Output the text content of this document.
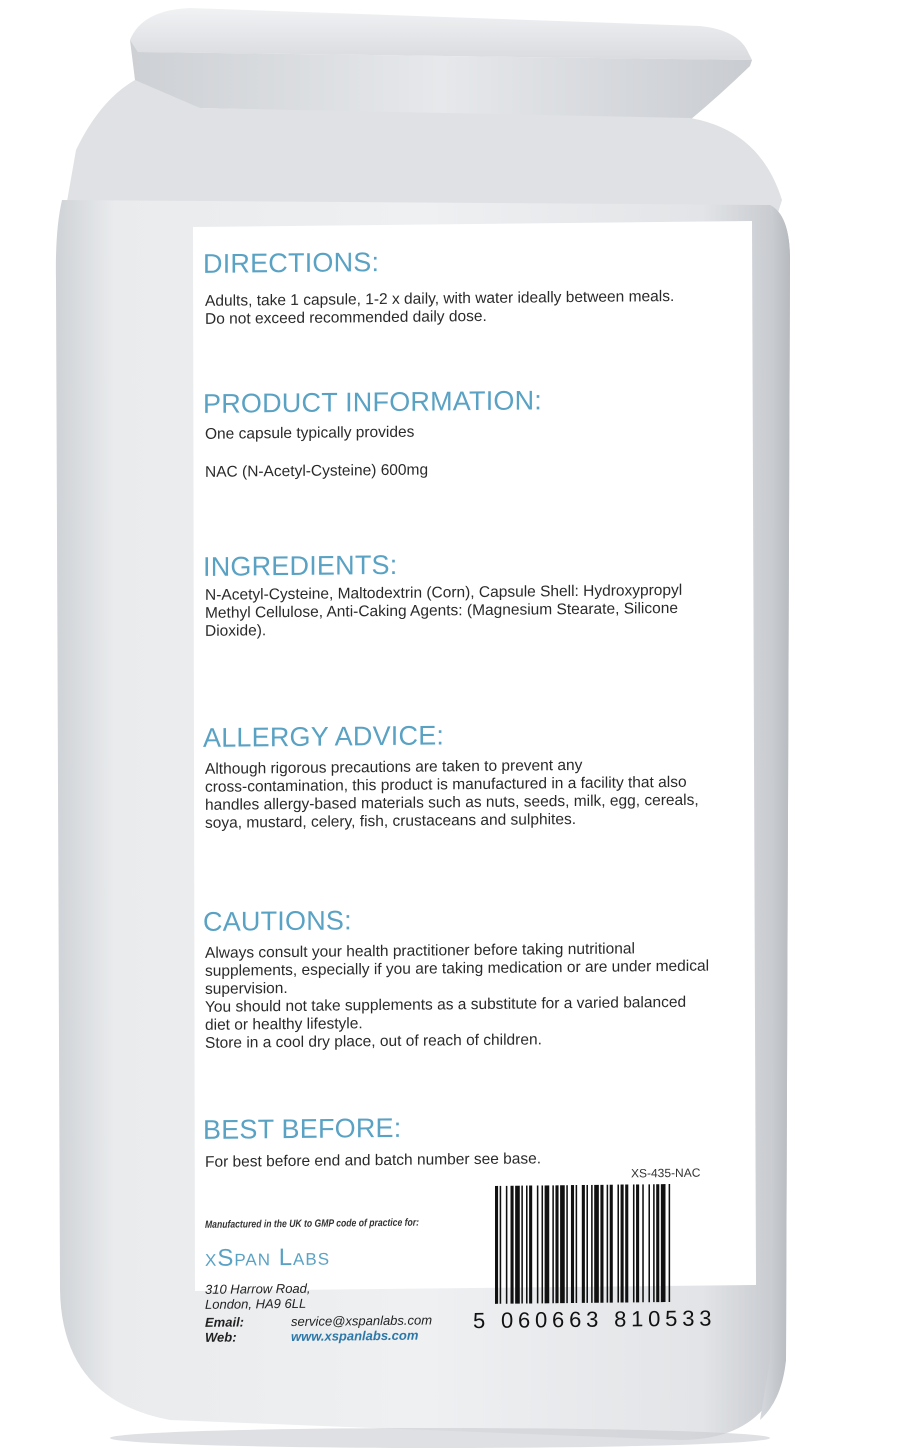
DIRECTIONS:
Adults, take 1 capsule, 1-2 x daily, with water ideally between meals.
Do not exceed recommended daily dose.
PRODUCT INFORMATION:
One capsule typically provides
NAC (N-Acetyl-Cysteine) 600mg
INGREDIENTS:
N-Acetyl-Cysteine, Maltodextrin (Corn), Capsule Shell: Hydroxypropyl
Methyl Cellulose, Anti-Caking Agents: (Magnesium Stearate, Silicone
Dioxide).
ALLERGY ADVICE:
Although rigorous precautions are taken to prevent any
cross-contamination, this product is manufactured in a facility that also
handles allergy-based materials such as nuts, seeds, milk, egg, cereals,
soya, mustard, celery, fish, crustaceans and sulphites.
CAUTIONS:
Always consult your health practitioner before taking nutritional
supplements, especially if you are taking medication or are under medical
supervision.
You should not take supplements as a substitute for a varied balanced
diet or healthy lifestyle.
Store in a cool dry place, out of reach of children.
BEST BEFORE:
For best before end and batch number see base.
XS-435-NAC
Manufactured in the UK to GMP code of practice for:
xSpan Labs
310 Harrow Road,
London, HA9 6LL
Email:	service@xspanlabs.com
Web:	www.xspanlabs.com
5 060663 810533
